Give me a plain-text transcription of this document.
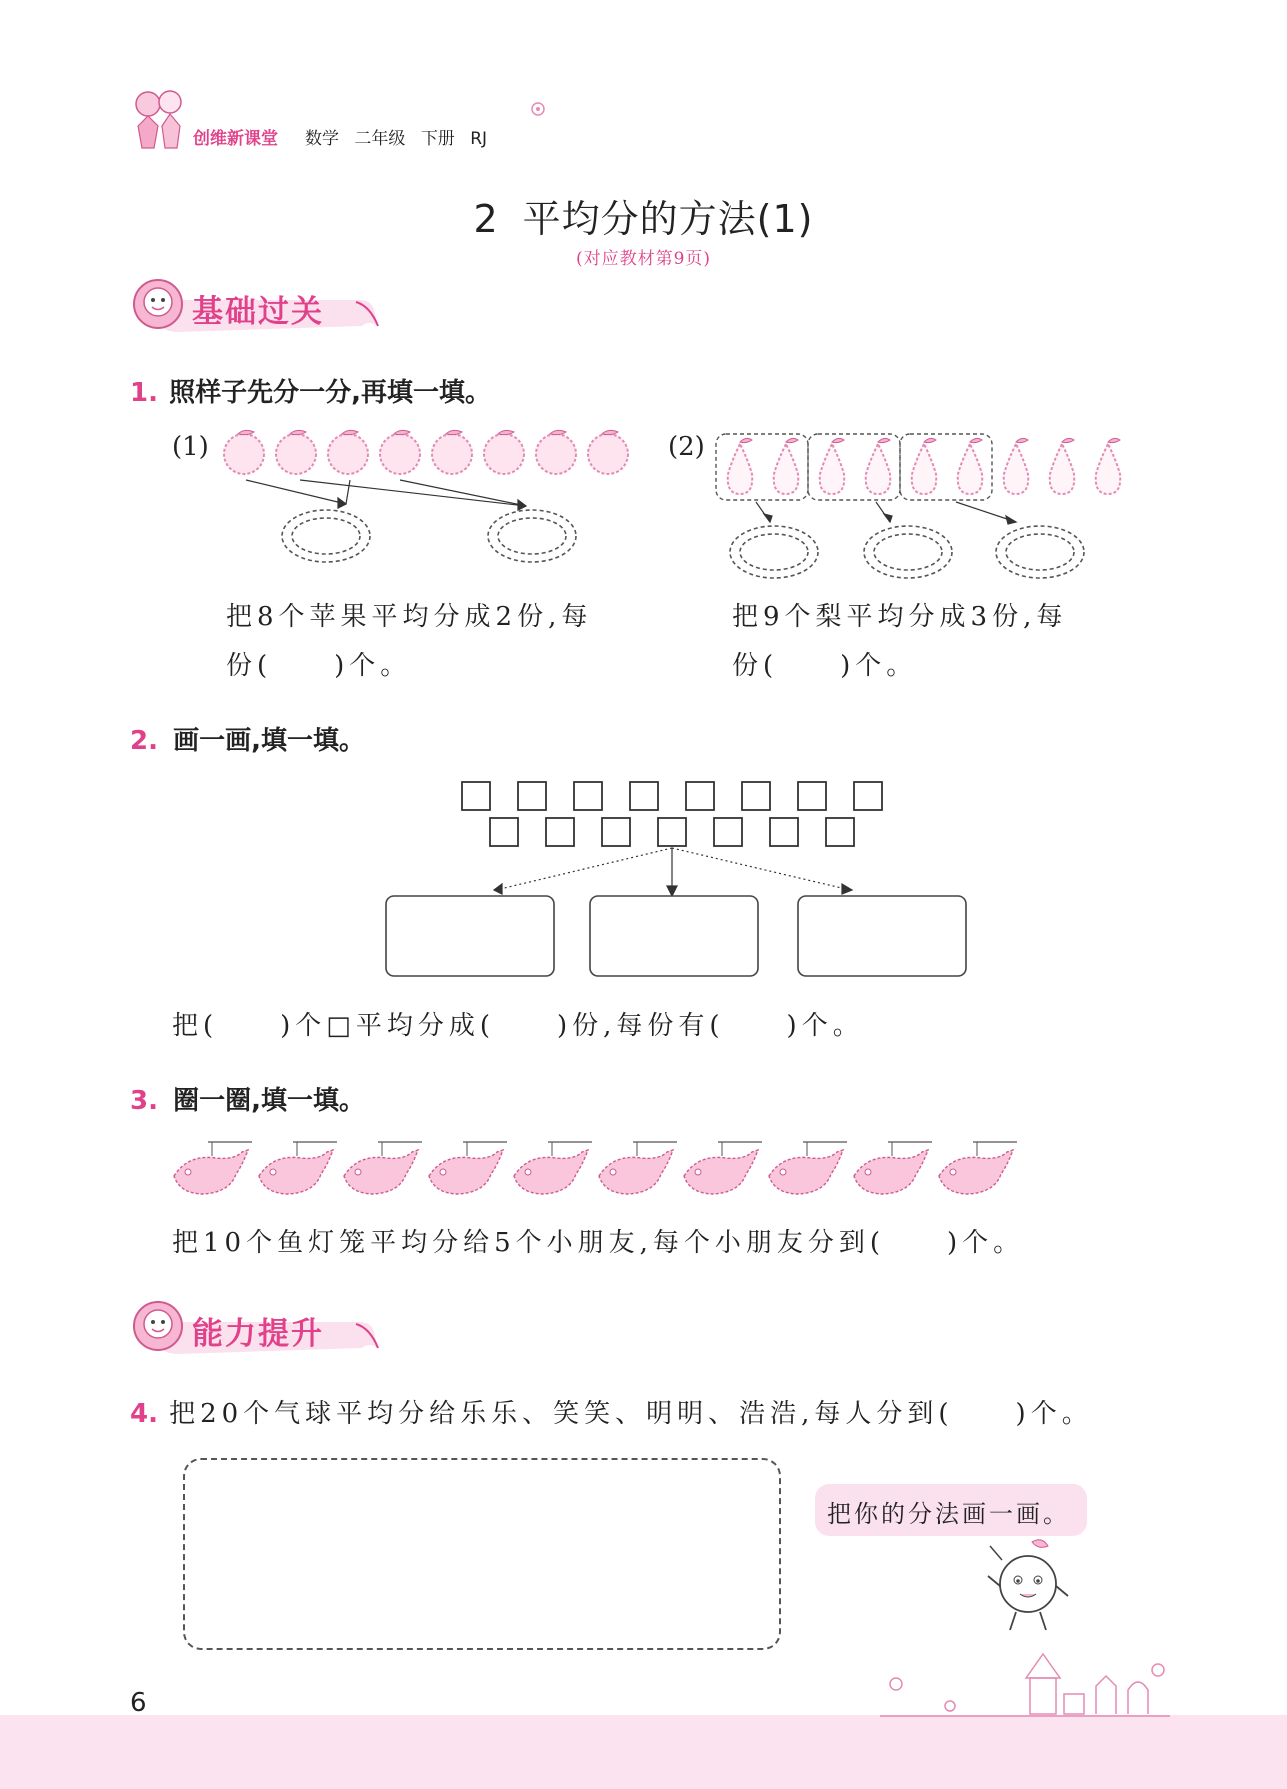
创维新课堂 数学 二年级 下册 RJ
2 平均分的方法(1)
(对应教材第9页)
基础过关
1. 照样子先分一分,再填一填。
(1)
把8个苹果平均分成2份,每
份(　　)个。
(2)
把9个梨平均分成3份,每
份(　　)个。
2. 画一画,填一填。
把(　　)个□平均分成(　　)份,每份有(　　)个。
3. 圈一圈,填一填。
把10个鱼灯笼平均分给5个小朋友,每个小朋友分到(　　)个。
能力提升
4. 把20个气球平均分给乐乐、笑笑、明明、浩浩,每人分到(　　)个。
把你的分法画一画。
6
